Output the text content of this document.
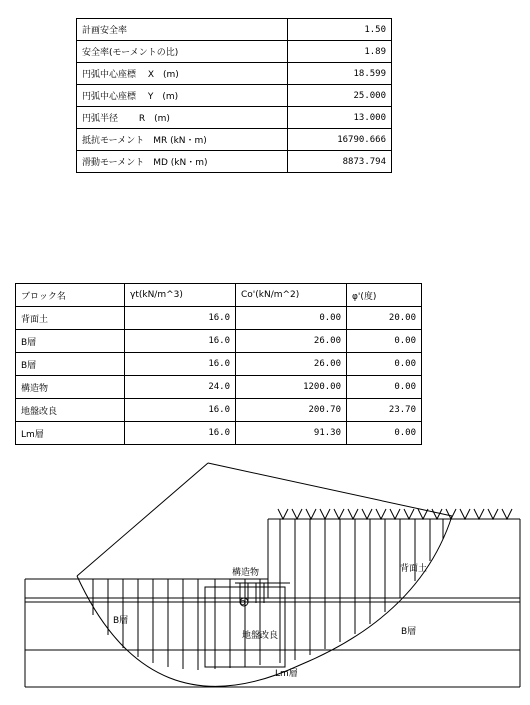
計画安全率	1.50
安全率(モーメントの比)	1.89
円弧中心座標　 X　(m)	18.599
円弧中心座標　 Y　(m)	25.000
円弧半径　　 R　(m)	13.000
抵抗モーメント　MR (kN・m)	16790.666
滑動モーメント　MD (kN・m)	8873.794
ブロック名	γt(kN/m^3)	Co'(kN/m^2)	φ'(度)
背面土	16.0	0.00	20.00
B層	16.0	26.00	0.00
B層	16.0	26.00	0.00
構造物	24.0	1200.00	0.00
地盤改良	16.0	200.70	23.70
Lm層	16.0	91.30	0.00
構造物	背面土
B層
B層
地盤改良
Lm層
O
